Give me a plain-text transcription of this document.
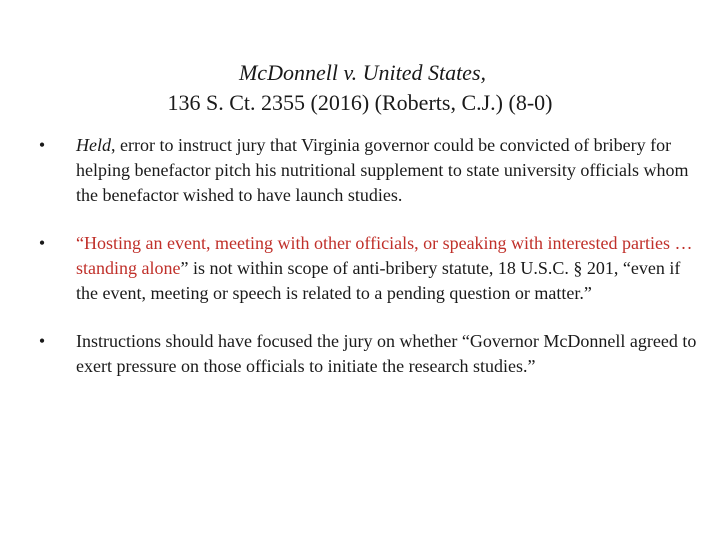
McDonnell v. United States,
136 S. Ct. 2355 (2016) (Roberts, C.J.) (8-0)
•	Held, error to instruct jury that Virginia governor could be convicted of bribery for helping benefactor pitch his nutritional supplement to state university officials whom the benefactor wished to have launch studies.
•	“Hosting an event, meeting with other officials, or speaking with interested parties … standing alone” is not within scope of anti-bribery statute, 18 U.S.C. § 201, “even if the event, meeting or speech is related to a pending question or matter.”
•	Instructions should have focused the jury on whether “Governor McDonnell agreed to exert pressure on those officials to initiate the research studies.”
